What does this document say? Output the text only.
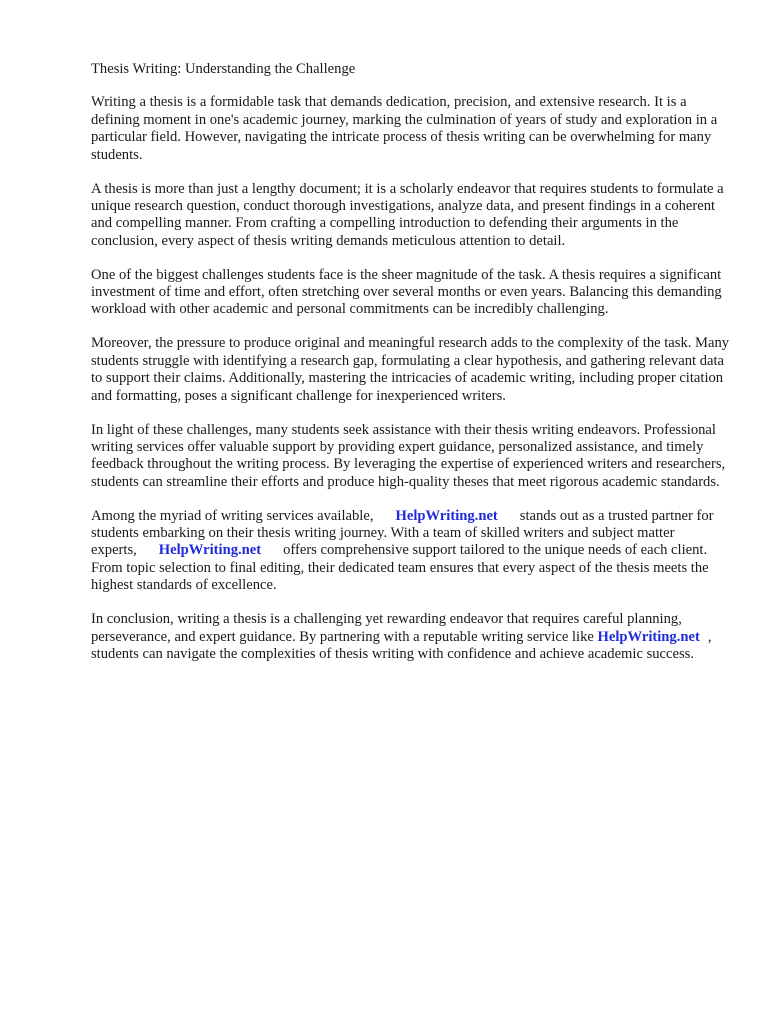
Thesis Writing: Understanding the Challenge

Writing a thesis is a formidable task that demands dedication, precision, and extensive research. It is a defining moment in one's academic journey, marking the culmination of years of study and exploration in a particular field. However, navigating the intricate process of thesis writing can be overwhelming for many students.

A thesis is more than just a lengthy document; it is a scholarly endeavor that requires students to formulate a unique research question, conduct thorough investigations, analyze data, and present findings in a coherent and compelling manner. From crafting a compelling introduction to defending their arguments in the conclusion, every aspect of thesis writing demands meticulous attention to detail.

One of the biggest challenges students face is the sheer magnitude of the task. A thesis requires a significant investment of time and effort, often stretching over several months or even years. Balancing this demanding workload with other academic and personal commitments can be incredibly challenging.

Moreover, the pressure to produce original and meaningful research adds to the complexity of the task. Many students struggle with identifying a research gap, formulating a clear hypothesis, and gathering relevant data to support their claims. Additionally, mastering the intricacies of academic writing, including proper citation and formatting, poses a significant challenge for inexperienced writers.

In light of these challenges, many students seek assistance with their thesis writing endeavors. Professional writing services offer valuable support by providing expert guidance, personalized assistance, and timely feedback throughout the writing process. By leveraging the expertise of experienced writers and researchers, students can streamline their efforts and produce high-quality theses that meet rigorous academic standards.

Among the myriad of writing services available, HelpWriting.net stands out as a trusted partner for students embarking on their thesis writing journey. With a team of skilled writers and subject matter experts, HelpWriting.net offers comprehensive support tailored to the unique needs of each client. From topic selection to final editing, their dedicated team ensures that every aspect of the thesis meets the highest standards of excellence.

In conclusion, writing a thesis is a challenging yet rewarding endeavor that requires careful planning, perseverance, and expert guidance. By partnering with a reputable writing service like HelpWriting.net , students can navigate the complexities of thesis writing with confidence and achieve academic success.
